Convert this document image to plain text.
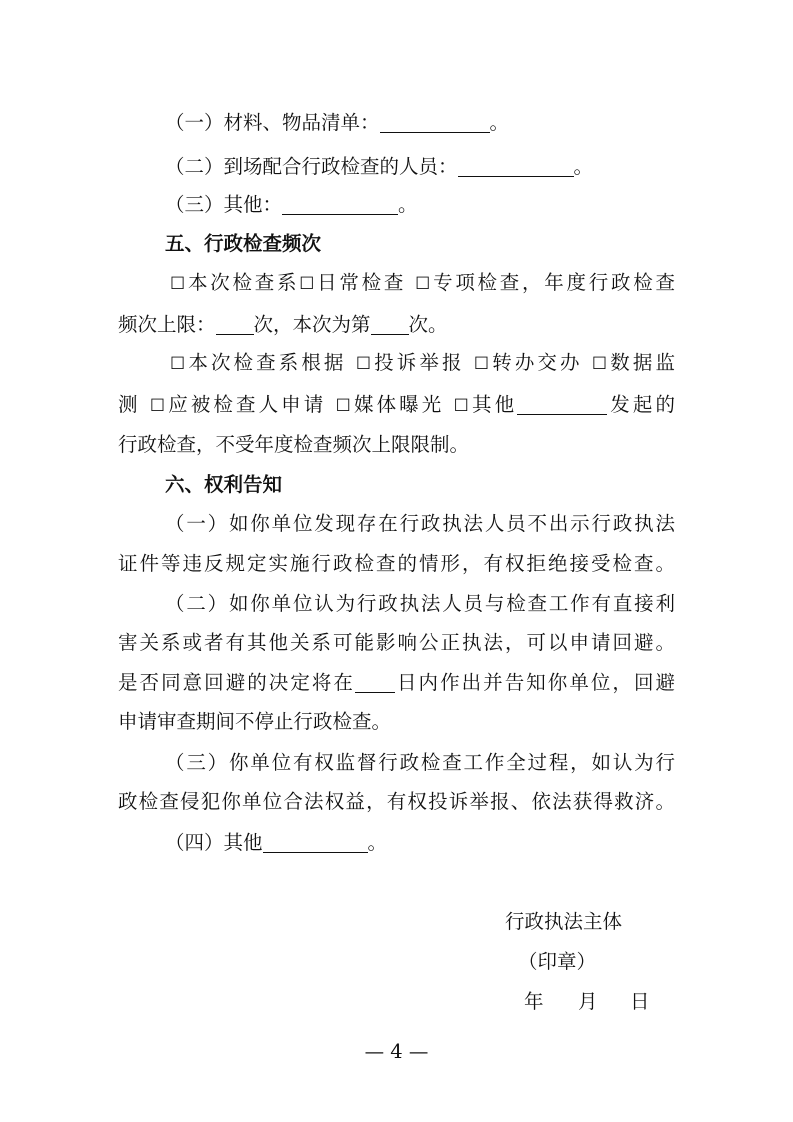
（一）材料、物品清单：	。
（二）到场配合行政检查的人员：	。
（三）其他：	。
五、行政检查频次
☐本次检查系☐日常检查 ☐专项检查，年度行政检查
频次上限： 次，本次为第 次。
☐本次检查系根据 ☐投诉举报 ☐转办交办 ☐数据监
测 ☐应被检查人申请 ☐媒体曝光 ☐其他	发起的
行政检查，不受年度检查频次上限限制。
六、权利告知
（一）如你单位发现存在行政执法人员不出示行政执法
证件等违反规定实施行政检查的情形，有权拒绝接受检查。
（二）如你单位认为行政执法人员与检查工作有直接利
害关系或者有其他关系可能影响公正执法，可以申请回避。
是否同意回避的决定将在 日内作出并告知你单位，回避
申请审查期间不停止行政检查。
（三）你单位有权监督行政检查工作全过程，如认为行
政检查侵犯你单位合法权益，有权投诉举报、依法获得救济。
（四）其他	。
行政执法主体
（印章）
年 月 日
— 4 —
